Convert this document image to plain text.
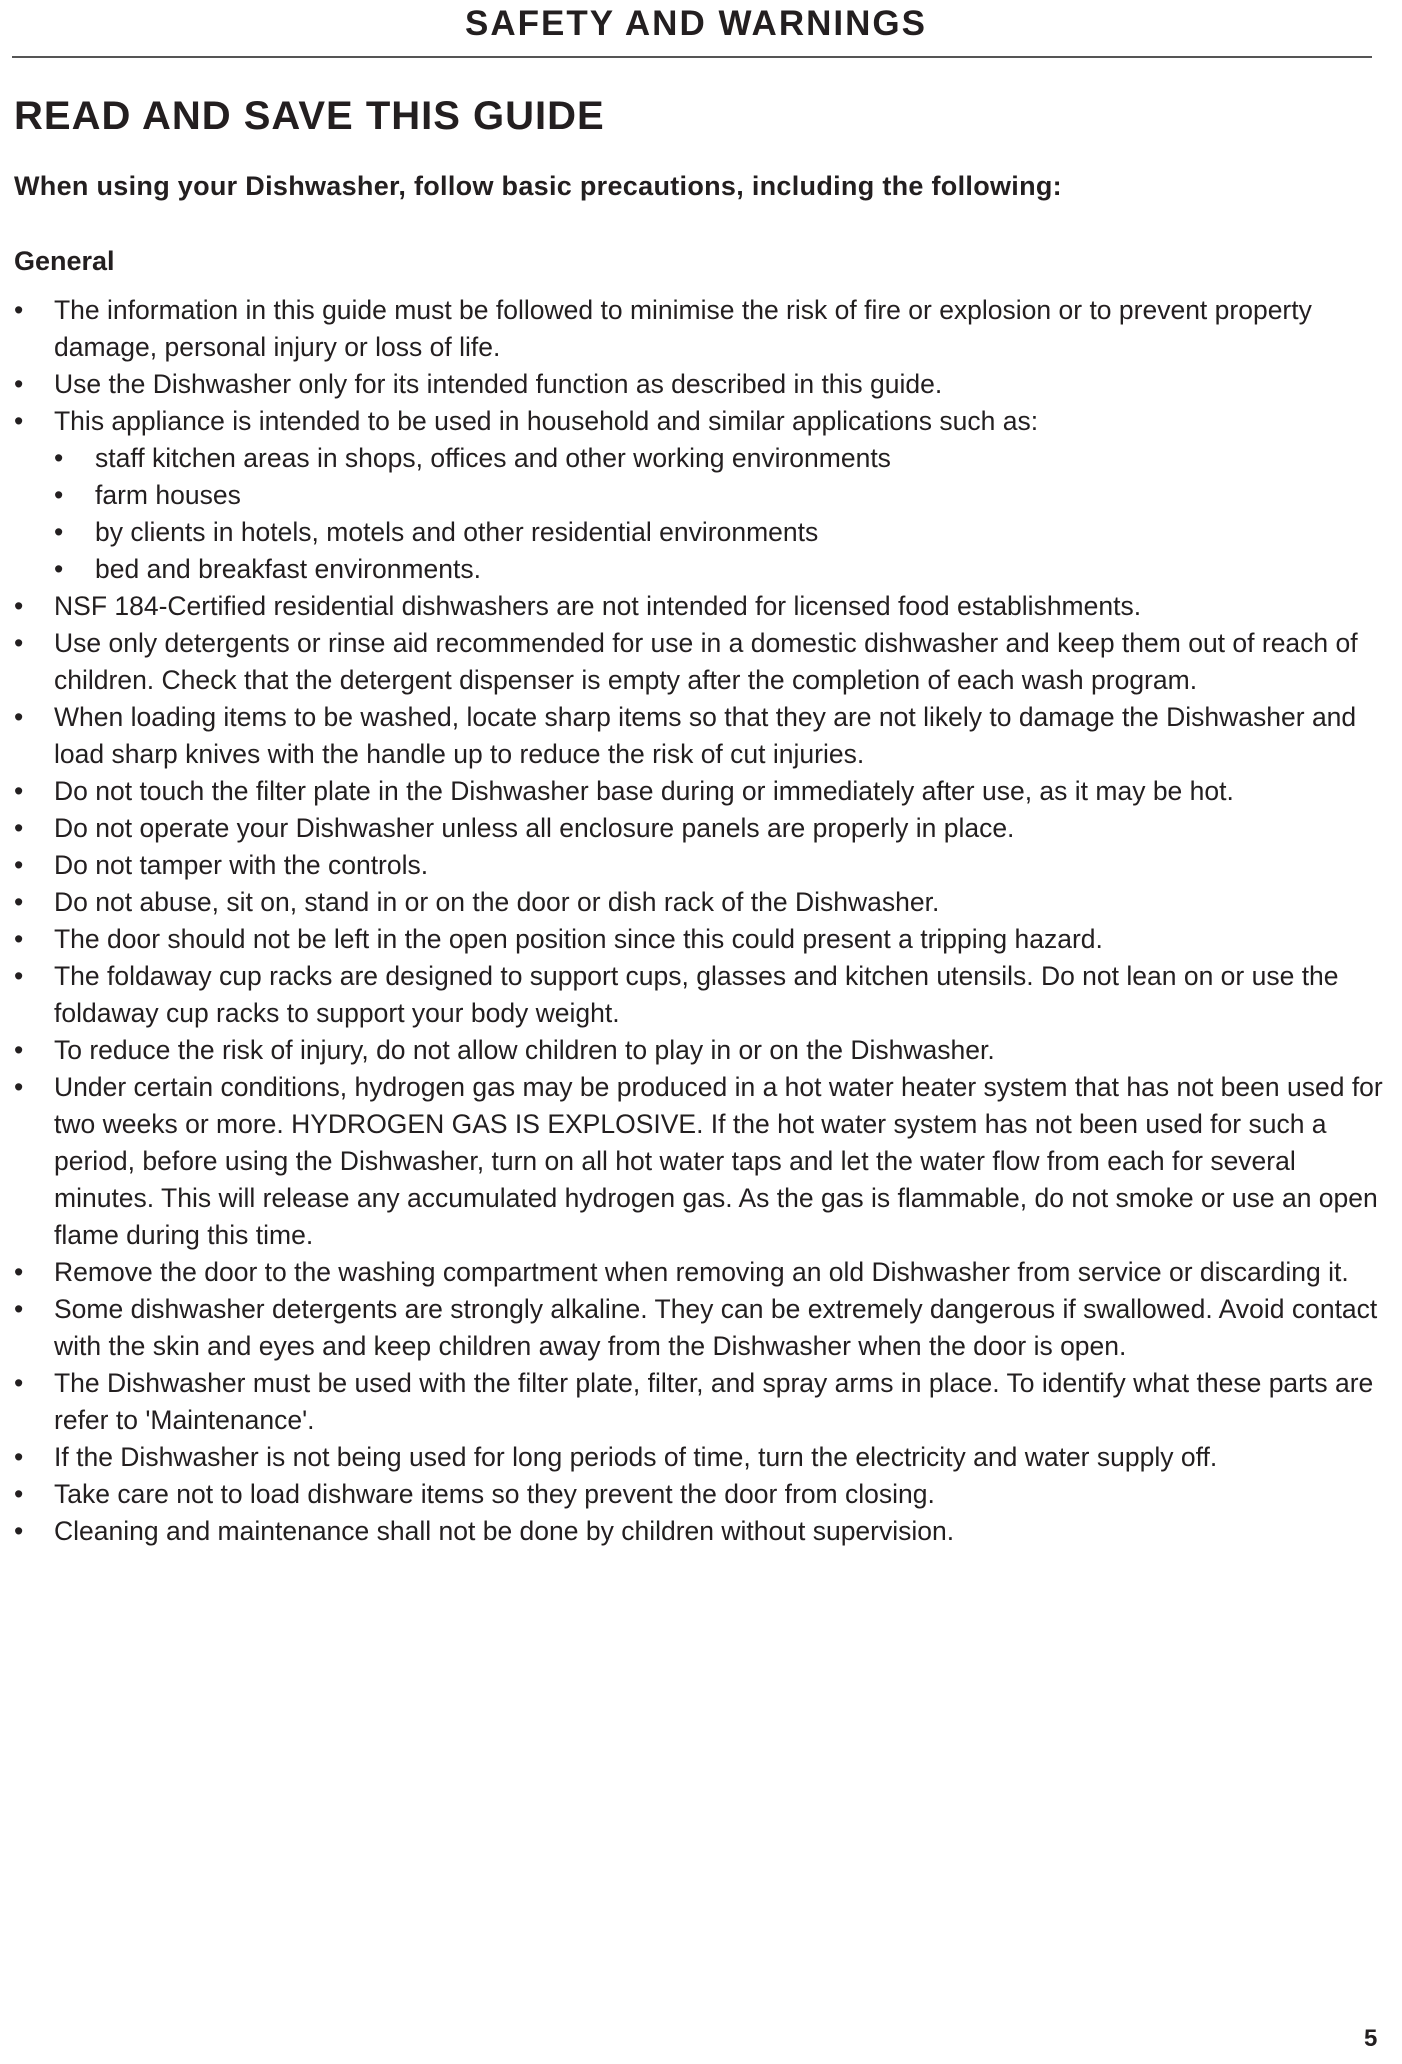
SAFETY AND WARNINGS
READ AND SAVE THIS GUIDE
When using your Dishwasher, follow basic precautions, including the following:
General
•	The information in this guide must be followed to minimise the risk of fire or explosion or to prevent property damage, personal injury or loss of life.
•	Use the Dishwasher only for its intended function as described in this guide.
•	This appliance is intended to be used in household and similar applications such as:
•	staff kitchen areas in shops, offices and other working environments
•	farm houses
•	by clients in hotels, motels and other residential environments
•	bed and breakfast environments.
•	NSF 184-Certified residential dishwashers are not intended for licensed food establishments.
•	Use only detergents or rinse aid recommended for use in a domestic dishwasher and keep them out of reach of children. Check that the detergent dispenser is empty after the completion of each wash program.
•	When loading items to be washed, locate sharp items so that they are not likely to damage the Dishwasher and load sharp knives with the handle up to reduce the risk of cut injuries.
•	Do not touch the filter plate in the Dishwasher base during or immediately after use, as it may be hot.
•	Do not operate your Dishwasher unless all enclosure panels are properly in place.
•	Do not tamper with the controls.
•	Do not abuse, sit on, stand in or on the door or dish rack of the Dishwasher.
•	The door should not be left in the open position since this could present a tripping hazard.
•	The foldaway cup racks are designed to support cups, glasses and kitchen utensils. Do not lean on or use the foldaway cup racks to support your body weight.
•	To reduce the risk of injury, do not allow children to play in or on the Dishwasher.
•	Under certain conditions, hydrogen gas may be produced in a hot water heater system that has not been used for two weeks or more. HYDROGEN GAS IS EXPLOSIVE. If the hot water system has not been used for such a period, before using the Dishwasher, turn on all hot water taps and let the water flow from each for several minutes. This will release any accumulated hydrogen gas. As the gas is flammable, do not smoke or use an open flame during this time.
•	Remove the door to the washing compartment when removing an old Dishwasher from service or discarding it.
•	Some dishwasher detergents are strongly alkaline. They can be extremely dangerous if swallowed. Avoid contact with the skin and eyes and keep children away from the Dishwasher when the door is open.
•	The Dishwasher must be used with the filter plate, filter, and spray arms in place. To identify what these parts are refer to 'Maintenance'.
•	If the Dishwasher is not being used for long periods of time, turn the electricity and water supply off.
•	Take care not to load dishware items so they prevent the door from closing.
•	Cleaning and maintenance shall not be done by children without supervision.
5
